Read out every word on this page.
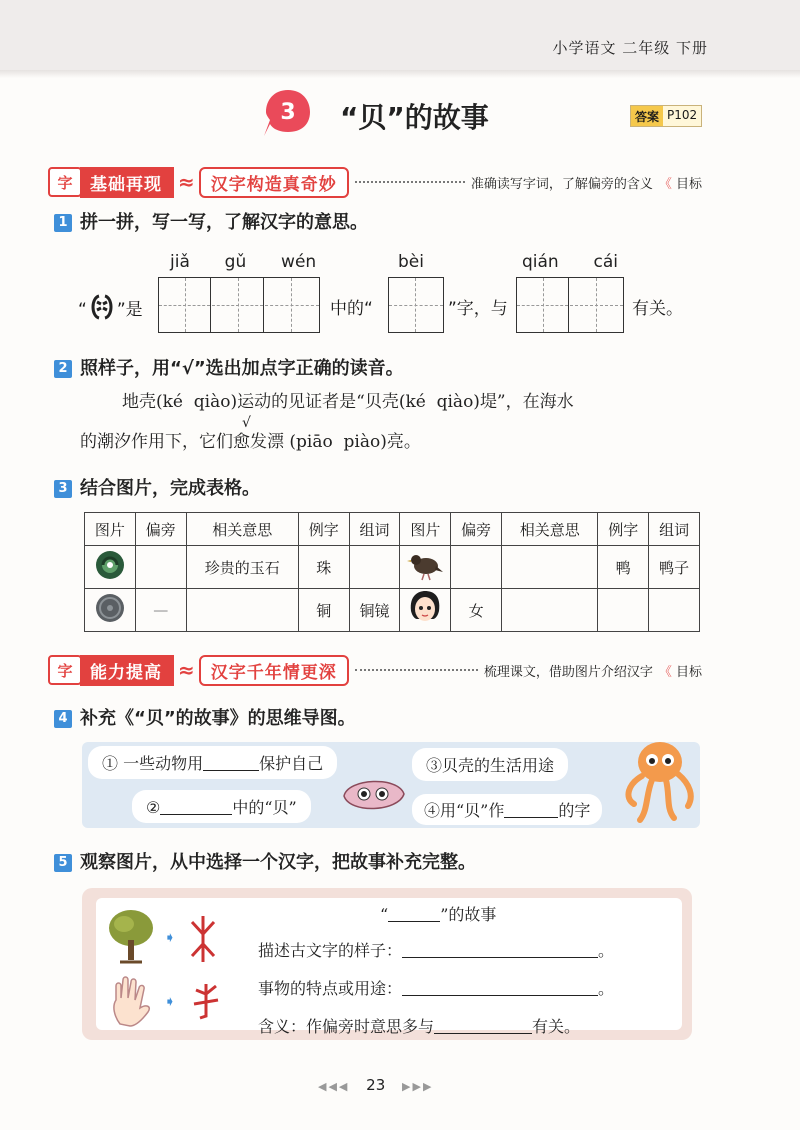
小学语文 二年级 下册
3 “贝”的故事	答案 P102
字	基础再现 ≈ 汉字构造真奇妙	准确读写字词，了解偏旁的含义 《 目标
1 拼一拼，写一写，了解汉字的意思。
jiǎ  gǔ  wén	bèi	qián  cái
“ ”是	中的“	”字，与	有关。
2 照样子，用“√”选出加点字正确的读音。
地壳(ké  qiào)运动的见证者是“贝壳(ké  qiào)堤”，在海水
的潮汐作用下，它们愈发漂 (piāo  piào)亮。
√
3 结合图片，完成表格。
图片	偏旁	相关意思	例字	组词	图片	偏旁	相关意思	例字	组词
		珍贵的玉石	珠					鸭	鸭子
	—		铜	铜镜		女			
字	能力提高 ≈ 汉字千年情更深	梳理课文，借助图片介绍汉字 《 目标
4 补充《“贝”的故事》的思维导图。
① 一些动物用	保护自己
②	中的“贝”
③贝壳的生活用途
④用“贝”作	的字
5 观察图片，从中选择一个汉字，把故事补充完整。
➧
➧
“	”的故事
描述古文字的样子：	。
事物的特点或用途：	。
含义：作偏旁时意思多与	有关。
◀◀◀ 23 ▶▶▶
